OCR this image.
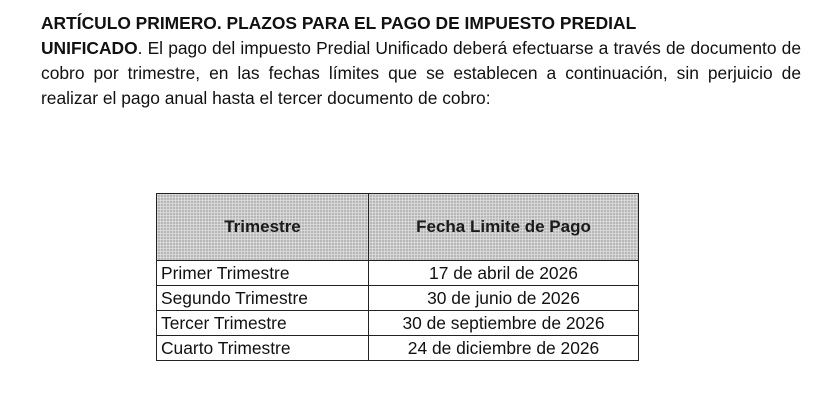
ARTÍCULO PRIMERO. PLAZOS PARA EL PAGO DE IMPUESTO PREDIAL
UNIFICADO. El pago del impuesto Predial Unificado deberá efectuarse a través de documento de cobro por trimestre, en las fechas límites que se establecen a continuación, sin perjuicio de realizar el pago anual hasta el tercer documento de cobro:

Trimestre	Fecha Limite de Pago
Primer Trimestre	17 de abril de 2026
Segundo Trimestre	30 de junio de 2026
Tercer Trimestre	30 de septiembre de 2026
Cuarto Trimestre	24 de diciembre de 2026
